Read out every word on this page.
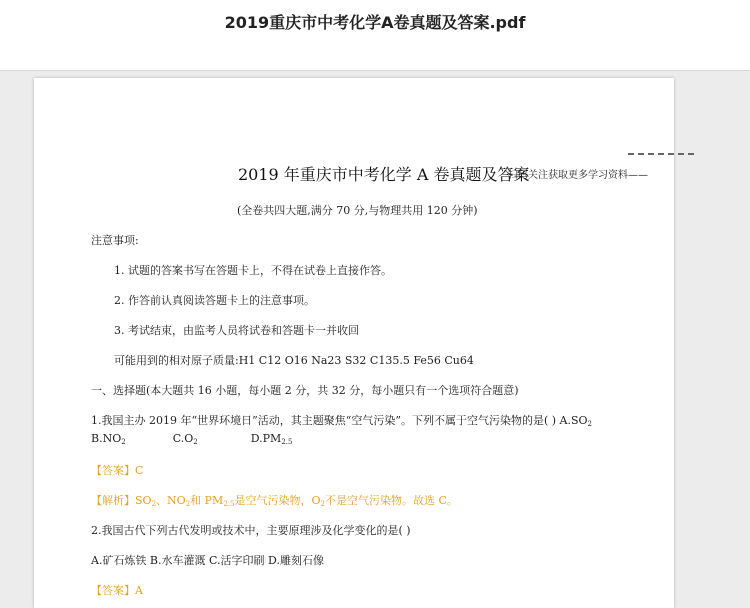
2019重庆市中考化学A卷真题及答案.pdf
2019 年重庆市中考化学 A 卷真题及答案
扫码关注获取更多学习资料——
(全卷共四大题,满分 70 分,与物理共用 120 分钟)
注意事项:
1. 试题的答案书写在答题卡上，不得在试卷上直接作答。
2. 作答前认真阅读答题卡上的注意事项。
3. 考试结束，由监考人员将试卷和答题卡一并收回
可能用到的相对原子质量:H1 C12 O16 Na23 S32 C135.5 Fe56 Cu64
一、选择题(本大题共 16 小题，每小题 2 分，共 32 分，每小题只有一个选项符合题意)
1.我国主办 2019 年“世界环境日”活动，其主题聚焦“空气污染”。下列不属于空气污染物的是( ) $A.SO_2$
$B.NO_2$	$C.O_2$	$D.PM_{2.5}$
【答案】C
【解析】$SO_2$、$NO_2$和 $PM_{2.5}$是空气污染物，$O_2$不是空气污染物。故选 C。
2.我国古代下列古代发明或技术中，主要原理涉及化学变化的是( )
A.矿石炼铁 B.水车灌溉 C.活字印刷 D.雕刻石像
【答案】A
